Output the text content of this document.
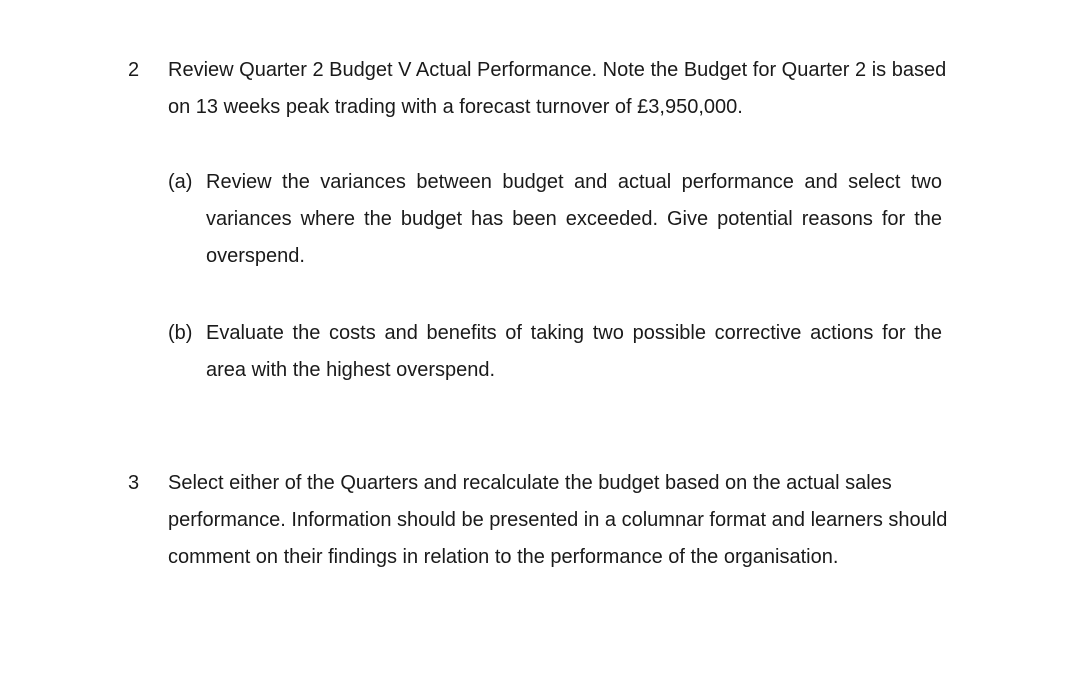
2 Review Quarter 2 Budget V Actual Performance. Note the Budget for Quarter 2 is based on 13 weeks peak trading with a forecast turnover of £3,950,000.

(a) Review the variances between budget and actual performance and select two variances where the budget has been exceeded. Give potential reasons for the overspend.

(b) Evaluate the costs and benefits of taking two possible corrective actions for the area with the highest overspend.

3 Select either of the Quarters and recalculate the budget based on the actual sales performance. Information should be presented in a columnar format and learners should comment on their findings in relation to the performance of the organisation.
